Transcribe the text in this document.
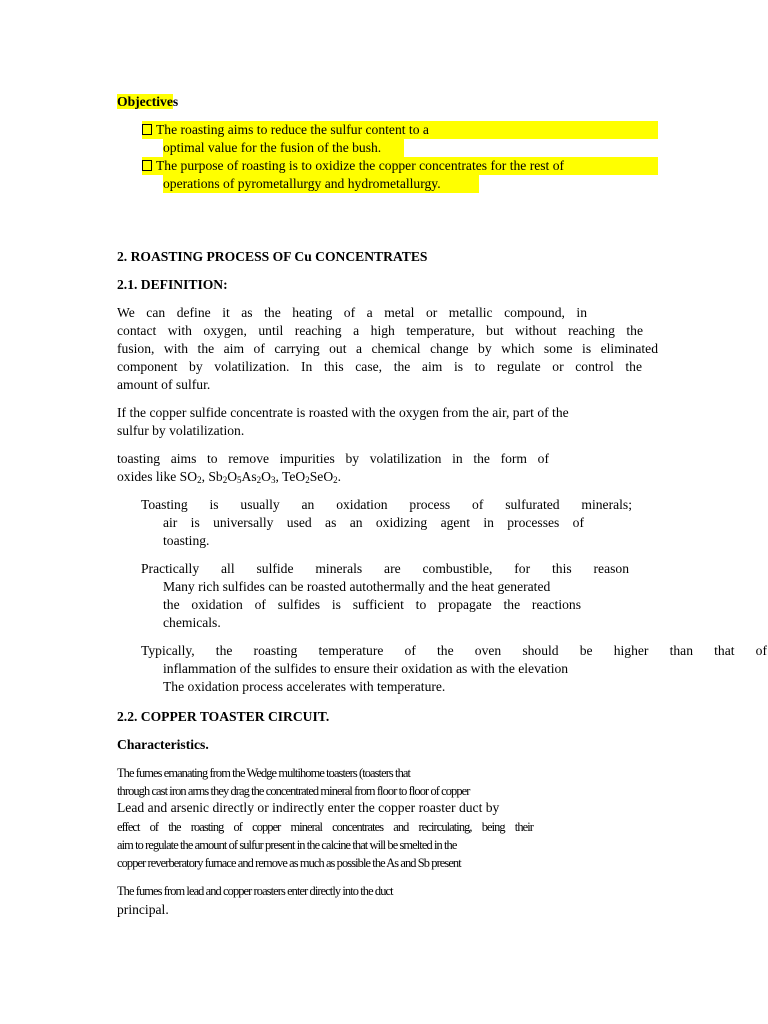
Objectives
The roasting aims to reduce the sulfur content to a
optimal value for the fusion of the bush.
The purpose of roasting is to oxidize the copper concentrates for the rest of
operations of pyrometallurgy and hydrometallurgy.
2. ROASTING PROCESS OF Cu CONCENTRATES
2.1. DEFINITION:
We can define it as the heating of a metal or metallic compound, in
contact with oxygen, until reaching a high temperature, but without reaching the
fusion, with the aim of carrying out a chemical change by which some is eliminated
component by volatilization. In this case, the aim is to regulate or control the
amount of sulfur.
If the copper sulfide concentrate is roasted with the oxygen from the air, part of the
sulfur by volatilization.
toasting aims to remove impurities by volatilization in the form of
oxides like $SO_2$, $Sb_2O_5As_2O_3$, TeO$_2$SeO$_2$.
Toasting is usually an oxidation process of sulfurated minerals;
air is universally used as an oxidizing agent in processes of
toasting.
Practically all sulfide minerals are combustible, for this reason
Many rich sulfides can be roasted autothermally and the heat generated
the oxidation of sulfides is sufficient to propagate the reactions
chemicals.
Typically, the roasting temperature of the oven should be higher than that of
inflammation of the sulfides to ensure their oxidation as with the elevation
The oxidation process accelerates with temperature.
2.2. COPPER TOASTER CIRCUIT.
Characteristics.
The fumes emanating from the Wedge multihome toasters (toasters that
through cast iron arms they drag the concentrated mineral from floor to floor of copper
Lead and arsenic directly or indirectly enter the copper roaster duct by
effect of the roasting of copper mineral concentrates and recirculating, being their
aim to regulate the amount of sulfur present in the calcine that will be smelted in the
copper reverberatory furnace and remove as much as possible the As and Sb present
The fumes from lead and copper roasters enter directly into the duct
principal.
